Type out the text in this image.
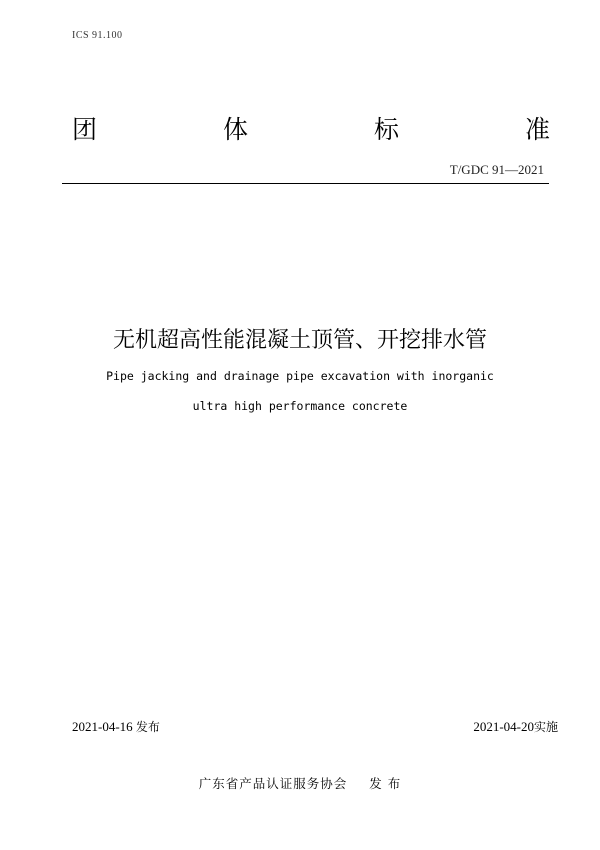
ICS 91.100
团	体	标	准
T/GDC 91—2021
无机超高性能混凝土顶管、开挖排水管
Pipe jacking and drainage pipe excavation with inorganic
ultra high performance concrete
2021-04-16 发布	2021-04-20实施
广东省产品认证服务协会 发 布
